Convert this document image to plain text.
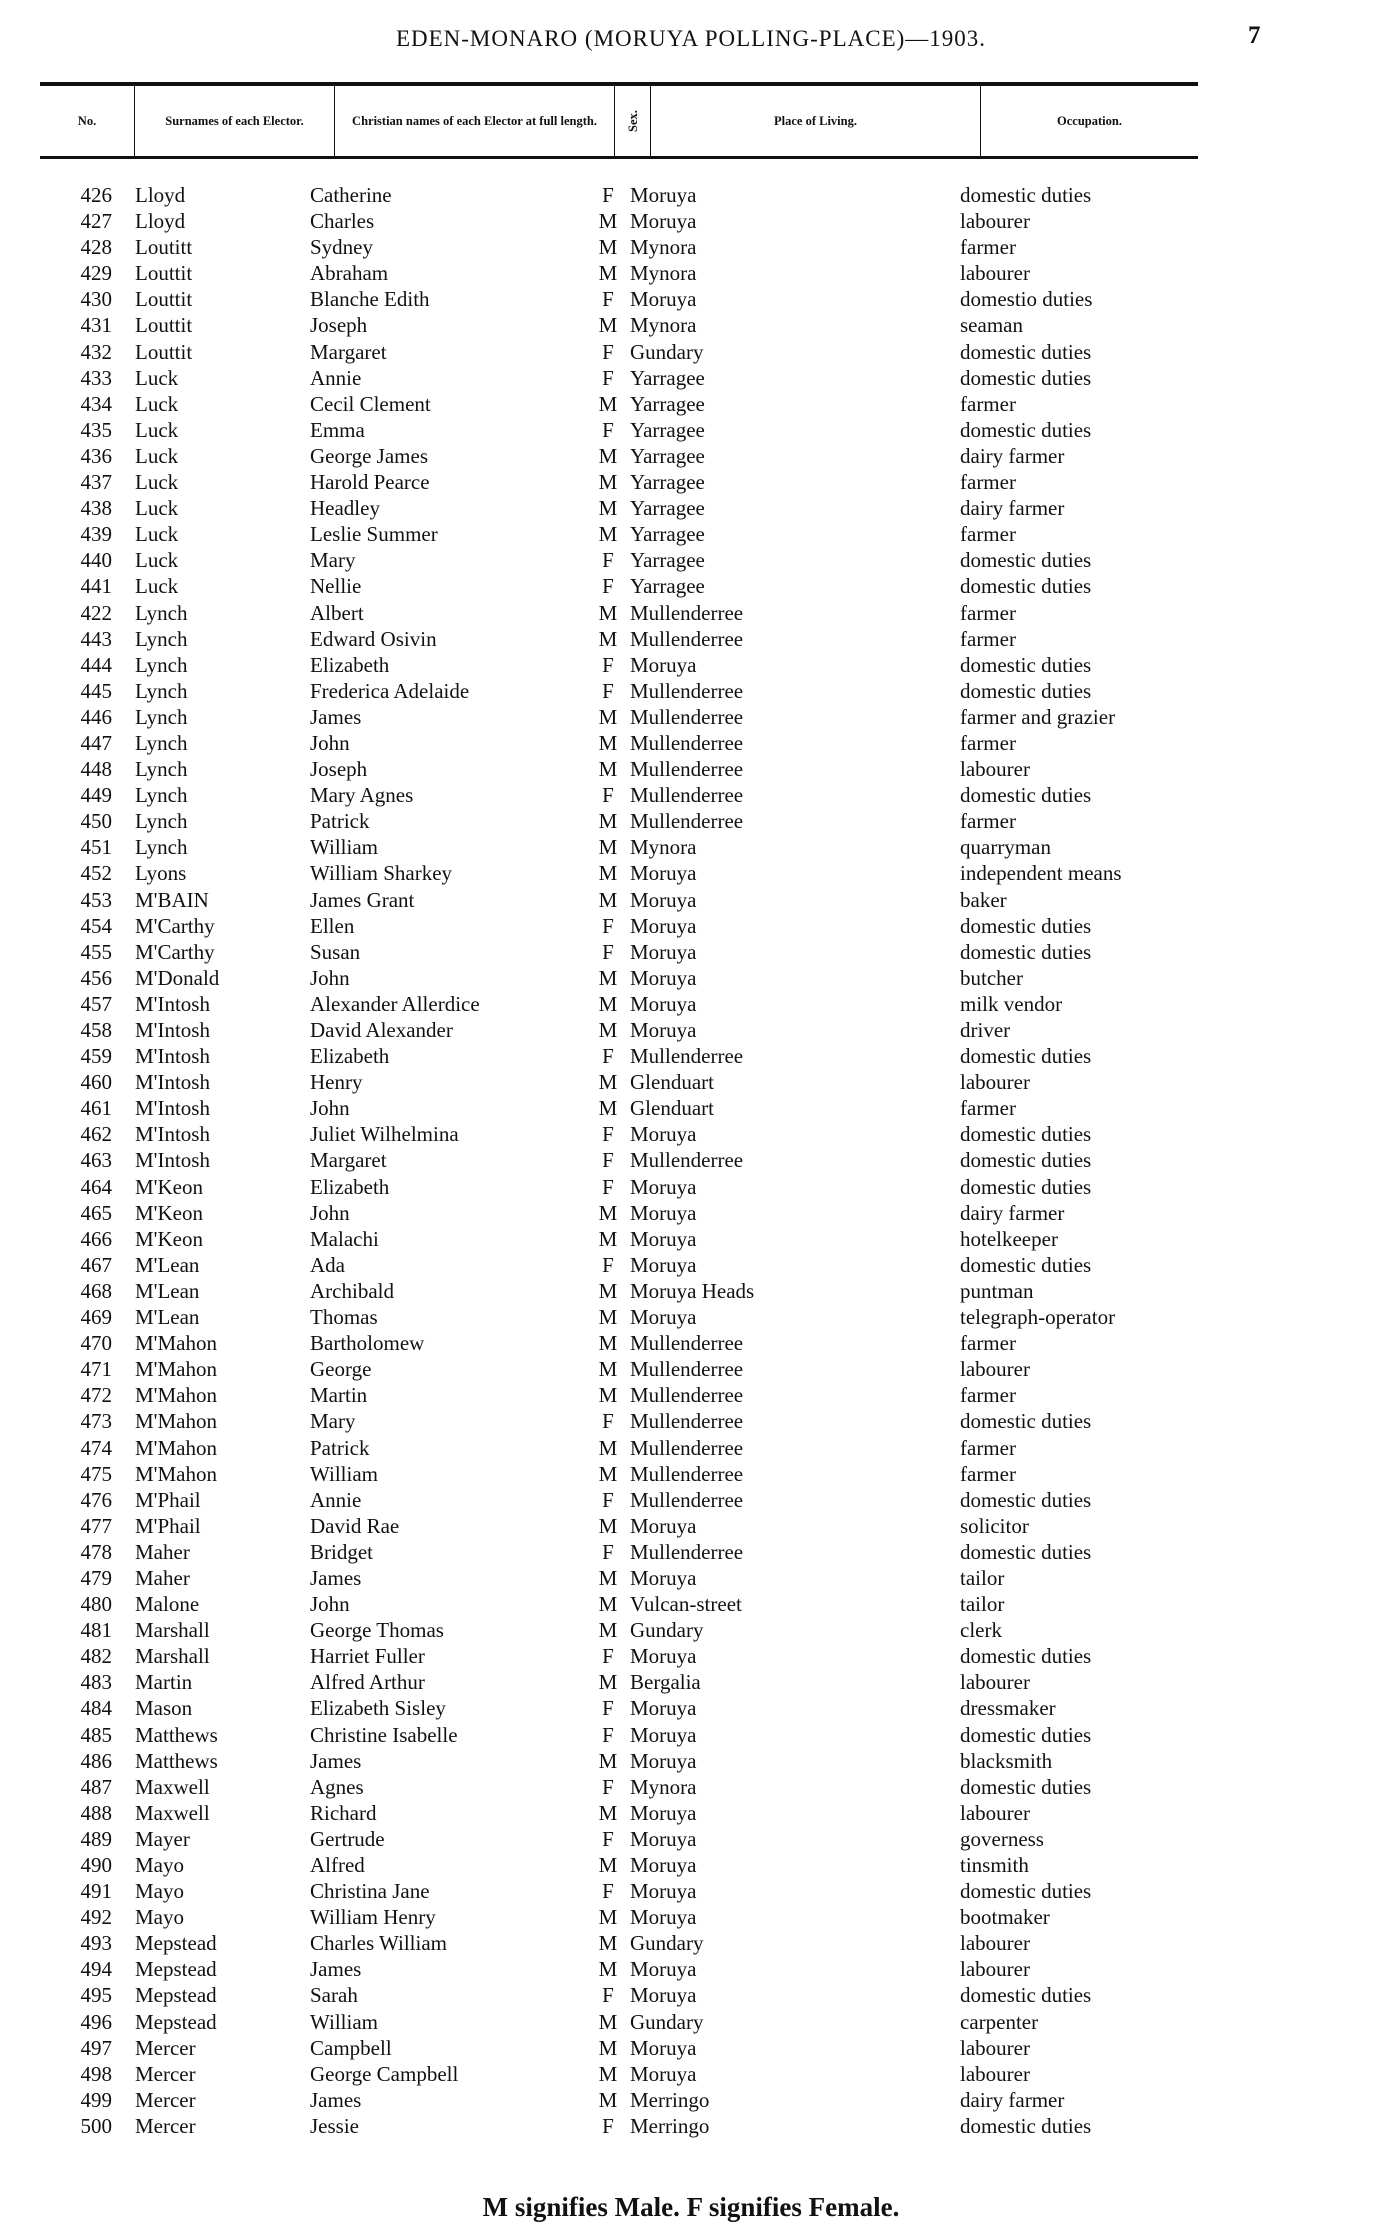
EDEN-MONARO (MORUYA POLLING-PLACE)—1903.	7
No.	Surnames of each Elector.	Christian names of each Elector at full length.	Sex.	Place of Living.	Occupation.
426 Lloyd	Catherine	F Moruya	domestic duties
427 Lloyd	Charles	M Moruya	labourer
428 Loutitt	Sydney	M Mynora	farmer
429 Louttit	Abraham	M Mynora	labourer
430 Louttit	Blanche Edith	F Moruya	domestio duties
431 Louttit	Joseph	M Mynora	seaman
432 Louttit	Margaret	F Gundary	domestic duties
433 Luck	Annie	F Yarragee	domestic duties
434 Luck	Cecil Clement	M Yarragee	farmer
435 Luck	Emma	F Yarragee	domestic duties
436 Luck	George James	M Yarragee	dairy farmer
437 Luck	Harold Pearce	M Yarragee	farmer
438 Luck	Headley	M Yarragee	dairy farmer
439 Luck	Leslie Summer	M Yarragee	farmer
440 Luck	Mary	F Yarragee	domestic duties
441 Luck	Nellie	F Yarragee	domestic duties
422 Lynch	Albert	M Mullenderree	farmer
443 Lynch	Edward Osivin	M Mullenderree	farmer
444 Lynch	Elizabeth	F Moruya	domestic duties
445 Lynch	Frederica Adelaide	F Mullenderree	domestic duties
446 Lynch	James	M Mullenderree	farmer and grazier
447 Lynch	John	M Mullenderree	farmer
448 Lynch	Joseph	M Mullenderree	labourer
449 Lynch	Mary Agnes	F Mullenderree	domestic duties
450 Lynch	Patrick	M Mullenderree	farmer
451 Lynch	William	M Mynora	quarryman
452 Lyons	William Sharkey	M Moruya	independent means
453 M'BAIN	James Grant	M Moruya	baker
454 M'Carthy	Ellen	F Moruya	domestic duties
455 M'Carthy	Susan	F Moruya	domestic duties
456 M'Donald	John	M Moruya	butcher
457 M'Intosh	Alexander Allerdice	M Moruya	milk vendor
458 M'Intosh	David Alexander	M Moruya	driver
459 M'Intosh	Elizabeth	F Mullenderree	domestic duties
460 M'Intosh	Henry	M Glenduart	labourer
461 M'Intosh	John	M Glenduart	farmer
462 M'Intosh	Juliet Wilhelmina	F Moruya	domestic duties
463 M'Intosh	Margaret	F Mullenderree	domestic duties
464 M'Keon	Elizabeth	F Moruya	domestic duties
465 M'Keon	John	M Moruya	dairy farmer
466 M'Keon	Malachi	M Moruya	hotelkeeper
467 M'Lean	Ada	F Moruya	domestic duties
468 M'Lean	Archibald	M Moruya Heads	puntman
469 M'Lean	Thomas	M Moruya	telegraph-operator
470 M'Mahon	Bartholomew	M Mullenderree	farmer
471 M'Mahon	George	M Mullenderree	labourer
472 M'Mahon	Martin	M Mullenderree	farmer
473 M'Mahon	Mary	F Mullenderree	domestic duties
474 M'Mahon	Patrick	M Mullenderree	farmer
475 M'Mahon	William	M Mullenderree	farmer
476 M'Phail	Annie	F Mullenderree	domestic duties
477 M'Phail	David Rae	M Moruya	solicitor
478 Maher	Bridget	F Mullenderree	domestic duties
479 Maher	James	M Moruya	tailor
480 Malone	John	M Vulcan-street	tailor
481 Marshall	George Thomas	M Gundary	clerk
482 Marshall	Harriet Fuller	F Moruya	domestic duties
483 Martin	Alfred Arthur	M Bergalia	labourer
484 Mason	Elizabeth Sisley	F Moruya	dressmaker
485 Matthews	Christine Isabelle	F Moruya	domestic duties
486 Matthews	James	M Moruya	blacksmith
487 Maxwell	Agnes	F Mynora	domestic duties
488 Maxwell	Richard	M Moruya	labourer
489 Mayer	Gertrude	F Moruya	governess
490 Mayo	Alfred	M Moruya	tinsmith
491 Mayo	Christina Jane	F Moruya	domestic duties
492 Mayo	William Henry	M Moruya	bootmaker
493 Mepstead	Charles William	M Gundary	labourer
494 Mepstead	James	M Moruya	labourer
495 Mepstead	Sarah	F Moruya	domestic duties
496 Mepstead	William	M Gundary	carpenter
497 Mercer	Campbell	M Moruya	labourer
498 Mercer	George Campbell	M Moruya	labourer
499 Mercer	James	M Merringo	dairy farmer
500 Mercer	Jessie	F Merringo	domestic duties
M signifies Male. F signifies Female.
